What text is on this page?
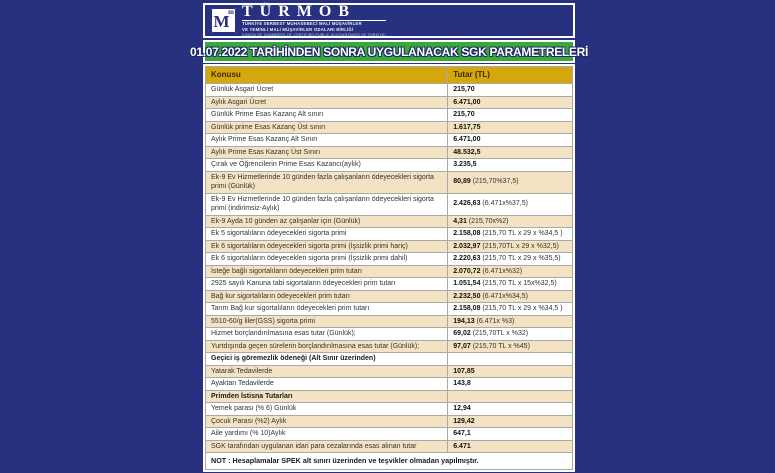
M
m TÜRMOB
TÜRKİYE SERBEST MUHASEBECİ MALİ MÜŞAVİRLER
VE YEMİNLİ MALİ MÜŞAVİRLER ODALARI BİRLİĞİ
(UNION OF CHAMBERS OF CERTIFIED PUBLIC ACCOUNTANTS OF TÜRKİYE)
01.07.2022 TARİHİNDEN SONRA UYGULANACAK SGK PARAMETRELERİ
Konusu	Tutar (TL)
Günlük Asgari Ücret	215,70
Aylık Asgari Ücret	6.471,00
Günlük Prime Esas Kazanç Alt sınırı	215,70
Günlük prime Esas Kazanç Üst sınırı	1.617,75
Aylık Prime Esas Kazanç Alt Sınırı	6.471,00
Aylık Prime Esas Kazanç Üst Sınırı	48.532,5
Çırak ve Öğrencilerin Prime Esas Kazancı(aylık)	3.235,5
Ek-9 Ev Hizmetlerinde 10 günden fazla çalışanların ödeyecekleri sigorta primi (Günlük)	80,89 (215,70%37,5)
Ek-9 Ev Hizmetlerinde 10 günden fazla çalışanların ödeyecekleri sigorta primi (indirimsiz-Aylık)	2.426,63 (6.471x%37,5)
Ek-9 Ayda 10 günden az çalışanlar için (Günlük)	4,31 (215,70x%2)
Ek 5 sigortalıların ödeyecekleri sigorta primi	2.158,08 (215,70 TL x 29 x %34,5 )
Ek 6 sigortalıların ödeyecekleri sigorta primi (İşsizlik primi hariç)	2.032,97 (215,70TL x 29 x %32,5)
Ek 6 sigortalıların ödeyecekleri sigorta primi (İşsizlik primi dahil)	2.220,63 (215,70 TL x 29 x %35,5)
İsteğe bağlı sigortalıların ödeyecekleri prim tutarı	2.070,72 (6.471x%32)
2925 sayılı Kanuna tabi sigortaların ödeyecekleri prim tutarı	1.051,54 (215,70 TL x 15x%32,5)
Bağ kur sigortalıların ödeyecekleri prim tutarı	2.232,50 (6.471x%34,5)
Tarım Bağ kur sigortalıların ödeyecekleri prim tutarı	2.158,08 (215,70 TL x 29 x %34,5 )
5510-60/g liler(GSS) sigorta primi	194,13 (6.471x %3)
Hizmet borçlandırılmasına esas tutar (Günlük);	69,02 (215,70TL x %32)
Yurtdışında geçen sürelerin borçlandırılmasına esas tutar (Günlük);	97,07 (215,70 TL x %45)
Geçici iş göremezlik ödeneği (Alt Sınır üzerinden)	
Yatarak Tedavilerde	107,85
Ayaktan Tedavilerde	143,8
Primden İstisna Tutarları	
Yemek parası (% 6) Günlük	12,94
Çocuk Parası (%2) Aylık	129,42
Aile yardımı (% 10)Aylık	647,1
SGK tarafından uygulanan idari para cezalarında esas alınan tutar	6.471
NOT : Hesaplamalar SPEK alt sınırı üzerinden ve teşvikler olmadan yapılmıştır.	
